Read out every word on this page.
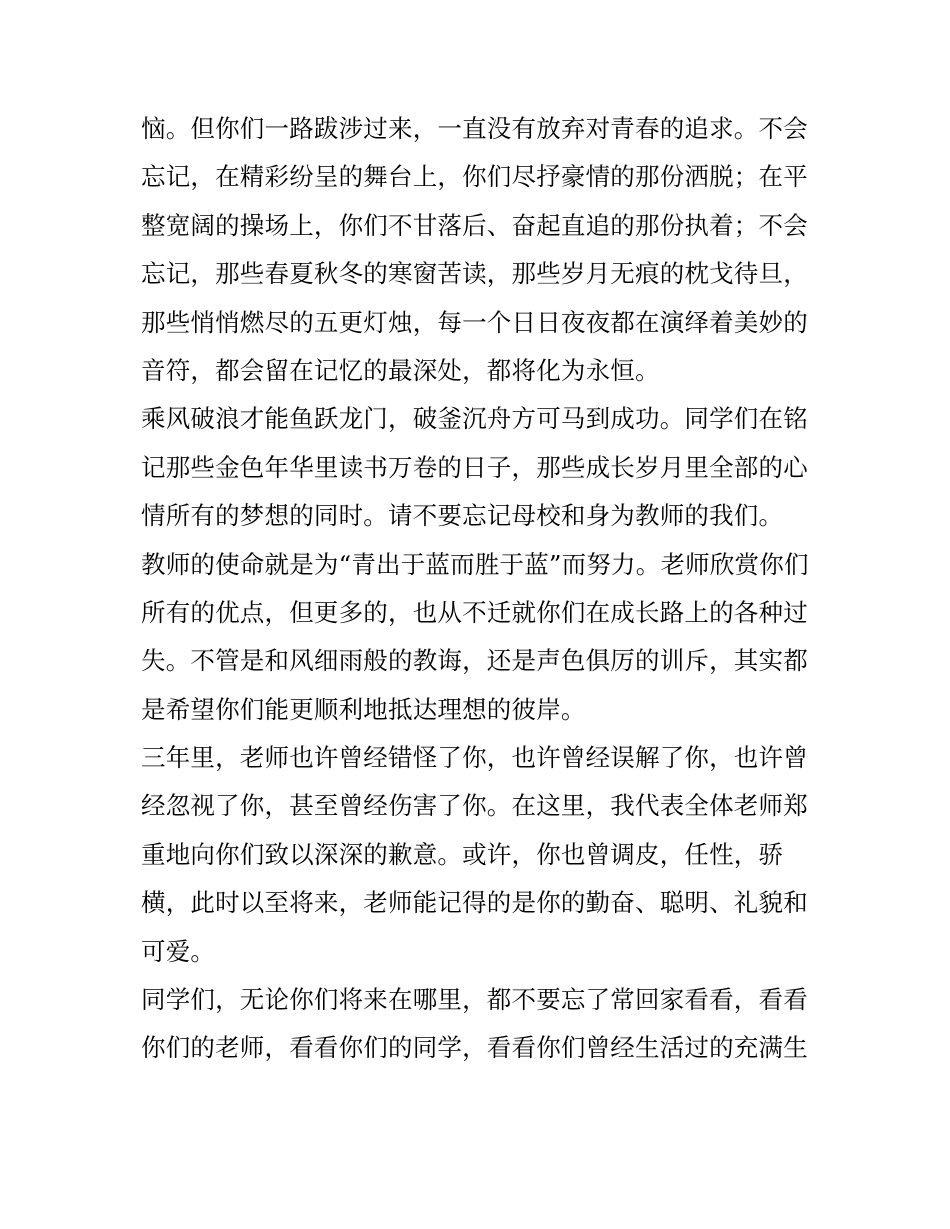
恼。但你们一路跋涉过来，一直没有放弃对青春的追求。不会
忘记，在精彩纷呈的舞台上，你们尽抒豪情的那份洒脱；在平
整宽阔的操场上，你们不甘落后、奋起直追的那份执着；不会
忘记，那些春夏秋冬的寒窗苦读，那些岁月无痕的枕戈待旦，
那些悄悄燃尽的五更灯烛，每一个日日夜夜都在演绎着美妙的
音符，都会留在记忆的最深处，都将化为永恒。
乘风破浪才能鱼跃龙门，破釜沉舟方可马到成功。同学们在铭
记那些金色年华里读书万卷的日子，那些成长岁月里全部的心
情所有的梦想的同时。请不要忘记母校和身为教师的我们。
教师的使命就是为“青出于蓝而胜于蓝”而努力。老师欣赏你们
所有的优点，但更多的，也从不迁就你们在成长路上的各种过
失。不管是和风细雨般的教诲，还是声色俱厉的训斥，其实都
是希望你们能更顺利地抵达理想的彼岸。
三年里，老师也许曾经错怪了你，也许曾经误解了你，也许曾
经忽视了你，甚至曾经伤害了你。在这里，我代表全体老师郑
重地向你们致以深深的歉意。或许，你也曾调皮，任性，骄
横，此时以至将来，老师能记得的是你的勤奋、聪明、礼貌和
可爱。
同学们，无论你们将来在哪里，都不要忘了常回家看看，看看
你们的老师，看看你们的同学，看看你们曾经生活过的充满生
